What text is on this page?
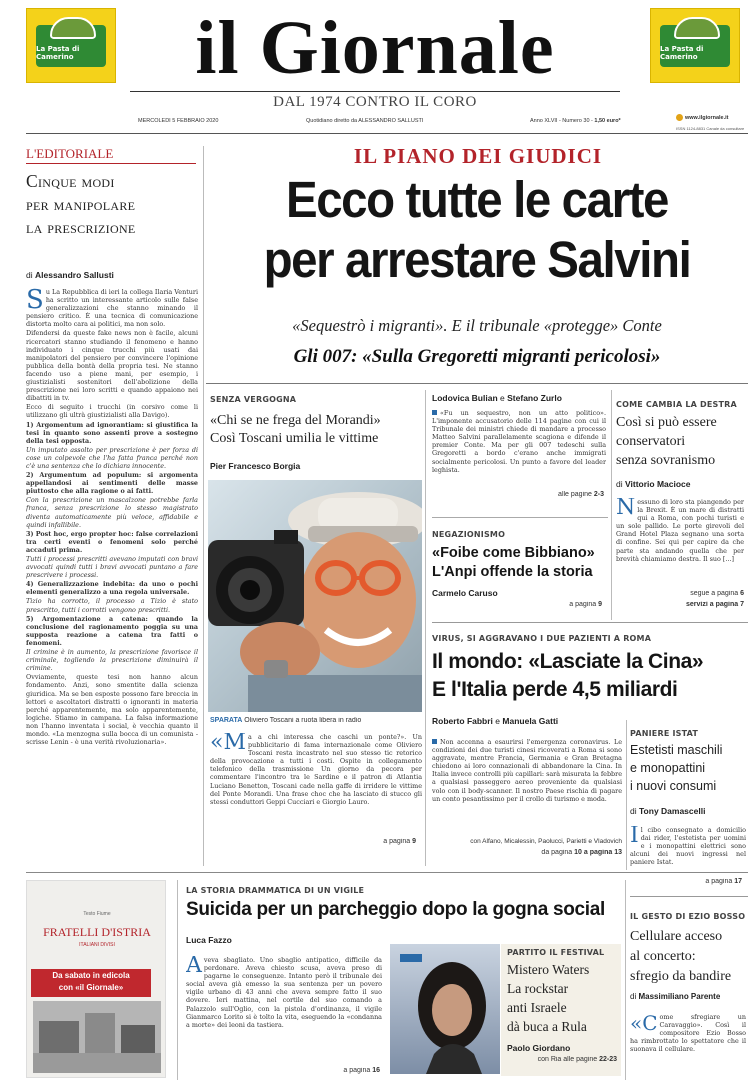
La Pasta di Camerino
La Pasta di Camerino
il Giornale
DAL 1974 CONTRO IL CORO
MERCOLEDÌ 5 FEBBRAIO 2020	Quotidiano diretto da ALESSANDRO SALLUSTI	Anno XLVII - Numero 30 - 1,50 euro*
www.ilgiornale.it
ISSN 1124-8831 Canale da consultare
L'EDITORIALE
Cinque modi
per manipolare
la prescrizione
di Alessandro Sallusti
S u La Repubblica di ieri la collega Ilaria Venturi ha scritto un interessante articolo sulle false generalizzazioni che stanno minando il pensiero critico. È una tecnica di comunicazione distorta molto cara ai politici, ma non solo.

Difendersi da queste fake news non è facile, alcuni ricercatori stanno studiando il fenomeno e hanno individuato i cinque trucchi più usati dai manipolatori del pensiero per convincere l'opinione pubblica della bontà della propria tesi. Ne stanno facendo uso a piene mani, per esempio, i giustizialisti sostenitori dell'abolizione della prescrizione nei loro scritti e quando appaiono nei dibattiti in tv.

Ecco di seguito i trucchi (in corsivo come li utilizzano gli ultrà giustizialisti alla Davigo).

1) Argomentum ad ignorantiam: si giustifica la tesi in quanto sono assenti prove a sostegno della tesi opposta.

Un imputato assolto per prescrizione è per forza di cose un colpevole che l'ha fatta franca perché non c'è una sentenza che lo dichiara innocente.

2) Argumentum ad populum: si argomenta appellandosi ai sentimenti delle masse piuttosto che alla ragione o ai fatti.

Con la prescrizione un mascalzone potrebbe farla franca, senza prescrizione lo stesso magistrato diventa automaticamente più veloce, affidabile e quindi infallibile.

3) Post hoc, ergo propter hoc: false correlazioni tra certi eventi o fenomeni solo perché accaduti prima.

Tutti i processi prescritti avevano imputati con bravi avvocati quindi tutti i bravi avvocati puntano a fare prescrivere i processi.

4) Generalizzazione indebita: da uno o pochi elementi generalizzo a una regola universale.

Tizio ha corrotto, il processo a Tizio è stato prescritto, tutti i corrotti vengono prescritti.

5) Argomentazione a catena: quando la conclusione del ragionamento poggia su una supposta reazione a catena tra fatti o fenomeni.

Il crimine è in aumento, la prescrizione favorisce il criminale, togliendo la prescrizione diminuirà il crimine.

Ovviamente, queste tesi non hanno alcun fondamento. Anzi, sono smentite dalla scienza giuridica. Ma se ben esposte possono fare breccia in lettori e ascoltatori distratti o ignoranti in materia perché apparentemente, ma solo apparentemente, logiche. Stiamo in campana. La falsa informazione non l'hanno inventata i social, è vecchia quanto il mondo. «La menzogna sulla bocca di un comunista - scrisse Lenin - è una verità rivoluzionaria».

IL PIANO DEI GIUDICI
Ecco tutte le carte
per arrestare Salvini
«Sequestrò i migranti». E il tribunale «protegge» Conte
Gli 007: «Sulla Gregoretti migranti pericolosi»
SENZA VERGOGNA
«Chi se ne frega del Morandi»
Così Toscani umilia le vittime
Pier Francesco Borgia
SPARATA Oliviero Toscani a ruota libera in radio
«M a a chi interessa che caschi un ponte?». Un pubblicitario di fama internazionale come Oliviero Toscani resta incastrato nel suo stesso tic retorico della provocazione a tutti i costi. Ospite in collegamento telefonico della trasmissione Un giorno da pecora per commentare l'incontro tra le Sardine e il patron di Atlantia Luciano Benetton, Toscani cade nella gaffe di irridere le vittime del Ponte Morandi. Una frase choc che ha lasciato di stucco gli stessi conduttori Geppi Cucciari e Giorgio Lauro.
a pagina 9
Lodovica Bulian e Stefano Zurlo
«Fu un sequestro, non un atto politico». L'imponente accusatorio delle 114 pagine con cui il Tribunale dei ministri chiede di mandare a processo Matteo Salvini parallelamente scagiona e difende il premier Conte. Ma per gli 007 tedeschi sulla Gregoretti a bordo c'erano anche immigrati socialmente pericolosi. Un punto a favore del leader leghista.
alle pagine 2-3
NEGAZIONISMO
«Foibe come Bibbiano»
L'Anpi offende la storia
Carmelo Caruso
a pagina 9
COME CAMBIA LA DESTRA
Così si può essere
conservatori
senza sovranismo
di Vittorio Macioce
N essuno di loro sta piangendo per la Brexit. È un mare di distratti qui a Roma, con pochi turisti e un sole pallido. Le porte girevoli del Grand Hotel Plaza segnano una sorta di confine. Sei qui per capire da che parte sta andando quella che per brevità chiamiamo destra. Il suo [...]
segue a pagina 6
servizi a pagina 7
VIRUS, SI AGGRAVANO I DUE PAZIENTI A ROMA
Il mondo: «Lasciate la Cina»
E l'Italia perde 4,5 miliardi
Roberto Fabbri e Manuela Gatti
Non accenna a esaurirsi l'emergenza coronavirus. Le condizioni dei due turisti cinesi ricoverati a Roma si sono aggravate, mentre Francia, Germania e Gran Bretagna chiedono ai loro connazionali di abbandonare la Cina. In Italia invece controlli più capillari: sarà misurata la febbre a qualsiasi passeggero aereo proveniente da qualsiasi volo con il body-scanner. Il nostro Paese rischia di pagare un conto pesantissimo per il crollo di turismo e moda.
con Alfano, Micalessin, Paolucci, Parietti e Vladovich
da pagina 10 a pagina 13
PANIERE ISTAT
Estetisti maschili
e monopattini
i nuovi consumi
di Tony Damascelli
I l cibo consegnato a domicilio dai rider, l'estetista per uomini e i monopattini elettrici sono alcuni dei nuovi ingressi nel paniere Istat.
a pagina 17
IL GESTO DI EZIO BOSSO
Cellulare acceso
al concerto:
sfregio da bandire
di Massimiliano Parente
«C ome sfregiare un Caravaggio». Così il compositore Ezio Bosso ha rimbrottato lo spettatore che il suonava il cellulare.
Testo Fiume
FRATELLI D'ISTRIA
ITALIANI DIVISI
Da sabato in edicola
con «il Giornale»
LA STORIA DRAMMATICA DI UN VIGILE
Suicida per un parcheggio dopo la gogna social
Luca Fazzo
A veva sbagliato. Uno sbaglio antipatico, difficile da perdonare. Aveva chiesto scusa, aveva preso di pagarne le conseguenze. Intanto però il tribunale dei social aveva già emesso la sua sentenza per un povero vigile urbano di 43 anni che aveva sempre fatto il suo dovere. Ieri mattina, nel cortile del suo comando a Palazzolo sull'Oglio, con la pistola d'ordinanza, il vigile Gianmarco Lorito si è tolto la vita, eseguendo la «condanna a morte» dei leoni da tastiera.
a pagina 16
PARTITO IL FESTIVAL
Mistero Waters
La rockstar
anti Israele
dà buca a Rula
Paolo Giordano
con Ria alle pagine 22-23
